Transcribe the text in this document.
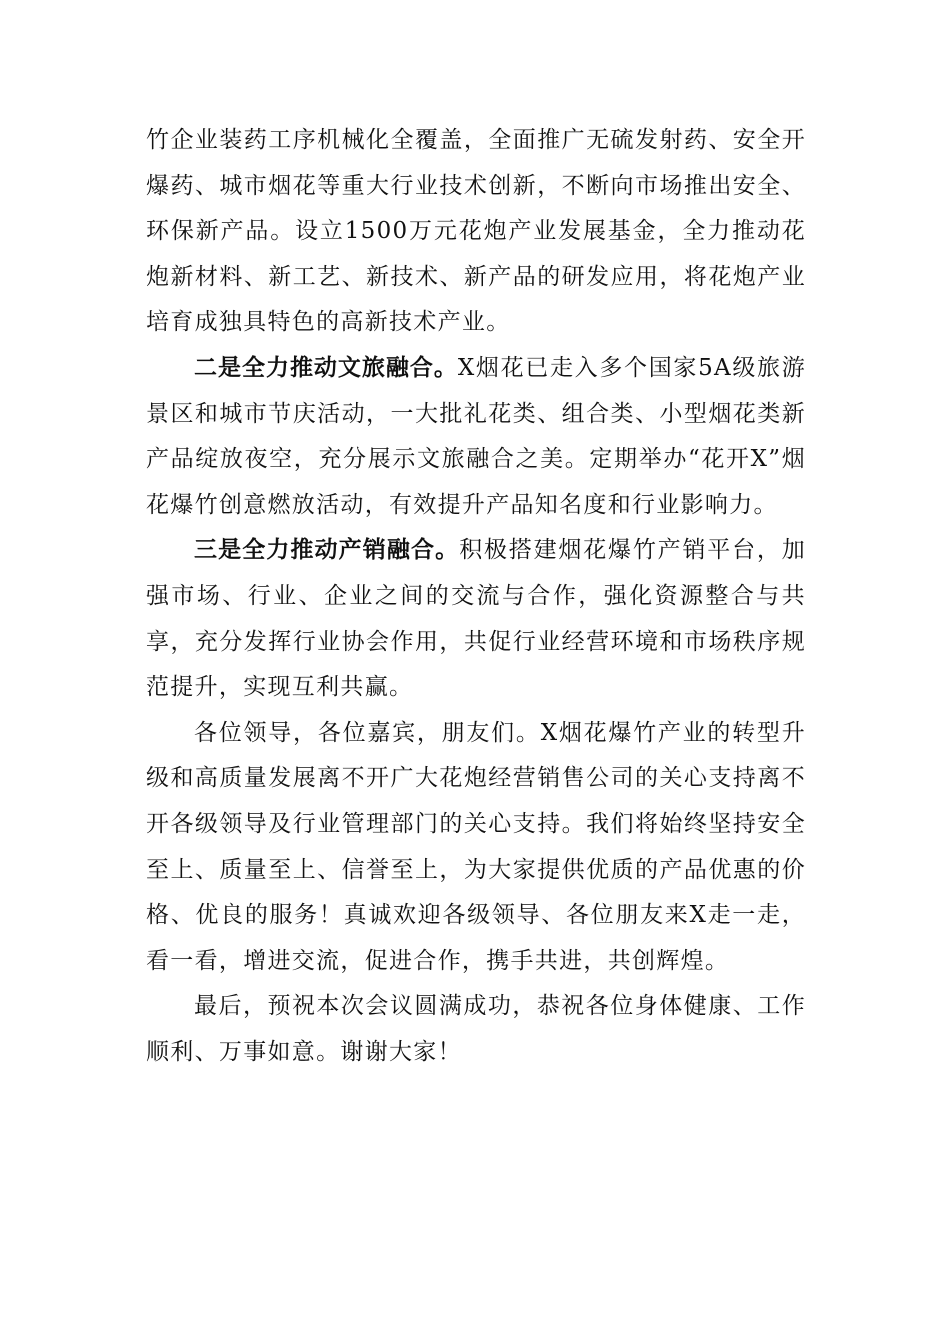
竹企业装药工序机械化全覆盖，全面推广无硫发射药、安全开爆药、城市烟花等重大行业技术创新，不断向市场推出安全、环保新产品。设立1500万元花炮产业发展基金，全力推动花炮新材料、新工艺、新技术、新产品的研发应用，将花炮产业培育成独具特色的高新技术产业。

二是全力推动文旅融合。X烟花已走入多个国家5A级旅游景区和城市节庆活动，一大批礼花类、组合类、小型烟花类新产品绽放夜空，充分展示文旅融合之美。定期举办“花开X”烟花爆竹创意燃放活动，有效提升产品知名度和行业影响力。

三是全力推动产销融合。积极搭建烟花爆竹产销平台，加强市场、行业、企业之间的交流与合作，强化资源整合与共享，充分发挥行业协会作用，共促行业经营环境和市场秩序规范提升，实现互利共赢。

各位领导，各位嘉宾，朋友们。X烟花爆竹产业的转型升级和高质量发展离不开广大花炮经营销售公司的关心支持离不开各级领导及行业管理部门的关心支持。我们将始终坚持安全至上、质量至上、信誉至上，为大家提供优质的产品优惠的价格、优良的服务！真诚欢迎各级领导、各位朋友来X走一走，看一看，增进交流，促进合作，携手共进，共创辉煌。

最后，预祝本次会议圆满成功，恭祝各位身体健康、工作顺利、万事如意。谢谢大家！
